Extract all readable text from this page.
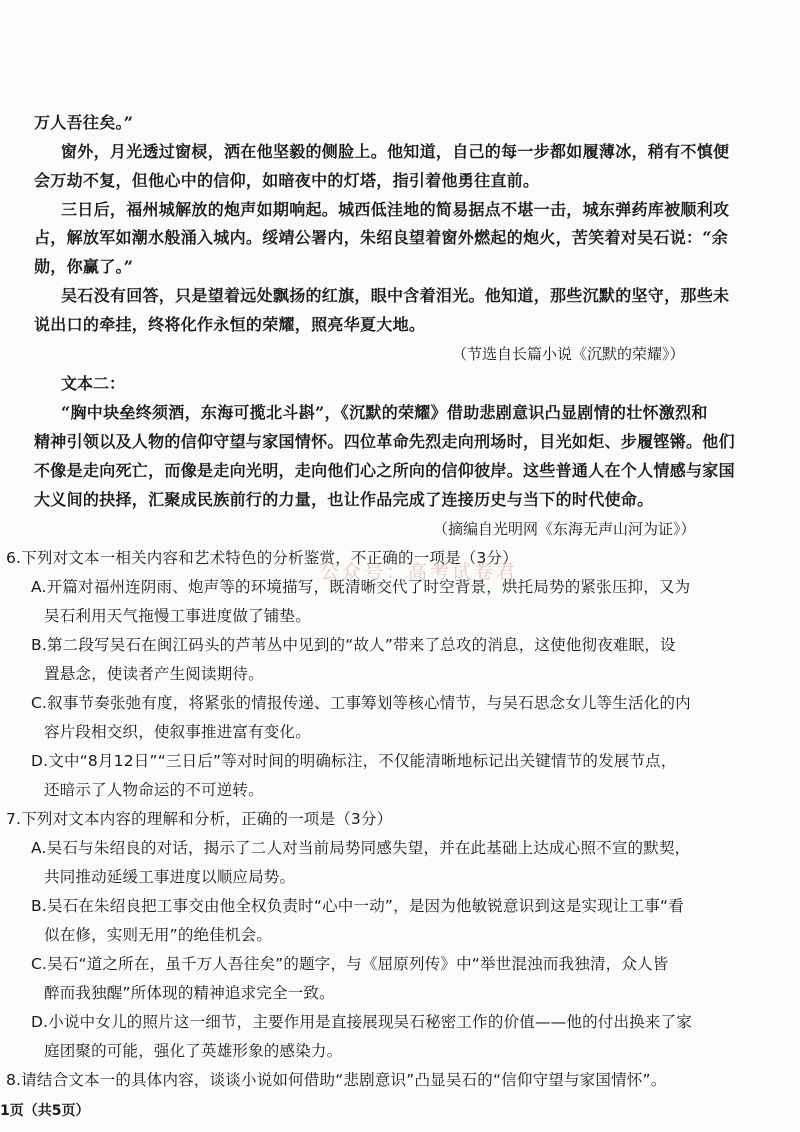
万人吾往矣。”
窗外，月光透过窗棂，洒在他坚毅的侧脸上。他知道，自己的每一步都如履薄冰，稍有不慎便
会万劫不复，但他心中的信仰，如暗夜中的灯塔，指引着他勇往直前。
三日后，福州城解放的炮声如期响起。城西低洼地的简易据点不堪一击，城东弹药库被顺利攻
占，解放军如潮水般涌入城内。绥靖公署内，朱绍良望着窗外燃起的炮火，苦笑着对吴石说：“余
勋，你赢了。”
吴石没有回答，只是望着远处飘扬的红旗，眼中含着泪光。他知道，那些沉默的坚守，那些未
说出口的牵挂，终将化作永恒的荣耀，照亮华夏大地。
（节选自长篇小说《沉默的荣耀》）
文本二：
“胸中块垒终须酒，东海可揽北斗斟”，《沉默的荣耀》借助悲剧意识凸显剧情的壮怀激烈和
精神引领以及人物的信仰守望与家国情怀。四位革命先烈走向刑场时，目光如炬、步履铿锵。他们
不像是走向死亡，而像是走向光明，走向他们心之所向的信仰彼岸。这些普通人在个人情感与家国
大义间的抉择，汇聚成民族前行的力量，也让作品完成了连接历史与当下的时代使命。
（摘编自光明网《东海无声山河为证》）
6.下列对文本一相关内容和艺术特色的分析鉴赏，不正确的一项是（3分）
A.开篇对福州连阴雨、炮声等的环境描写，既清晰交代了时空背景，烘托局势的紧张压抑，又为
吴石利用天气拖慢工事进度做了铺垫。
B.第二段写吴石在闽江码头的芦苇丛中见到的“故人”带来了总攻的消息，这使他彻夜难眠，设
置悬念，使读者产生阅读期待。
C.叙事节奏张弛有度，将紧张的情报传递、工事筹划等核心情节，与吴石思念女儿等生活化的内
容片段相交织，使叙事推进富有变化。
D.文中“8月12日”“三日后”等对时间的明确标注，不仅能清晰地标记出关键情节的发展节点，
还暗示了人物命运的不可逆转。
7.下列对文本内容的理解和分析，正确的一项是（3分）
A.吴石与朱绍良的对话，揭示了二人对当前局势同感失望，并在此基础上达成心照不宣的默契，
共同推动延缓工事进度以顺应局势。
B.吴石在朱绍良把工事交由他全权负责时“心中一动”，是因为他敏锐意识到这是实现让工事“看
似在修，实则无用”的绝佳机会。
C.吴石“道之所在，虽千万人吾往矣”的题字，与《屈原列传》中“举世混浊而我独清，众人皆
醉而我独醒”所体现的精神追求完全一致。
D.小说中女儿的照片这一细节，主要作用是直接展现吴石秘密工作的价值——他的付出换来了家
庭团聚的可能，强化了英雄形象的感染力。
8.请结合文本一的具体内容，谈谈小说如何借助“悲剧意识”凸显吴石的“信仰守望与家国情怀”。
公众号：高考试卷君
1页（共5页）
